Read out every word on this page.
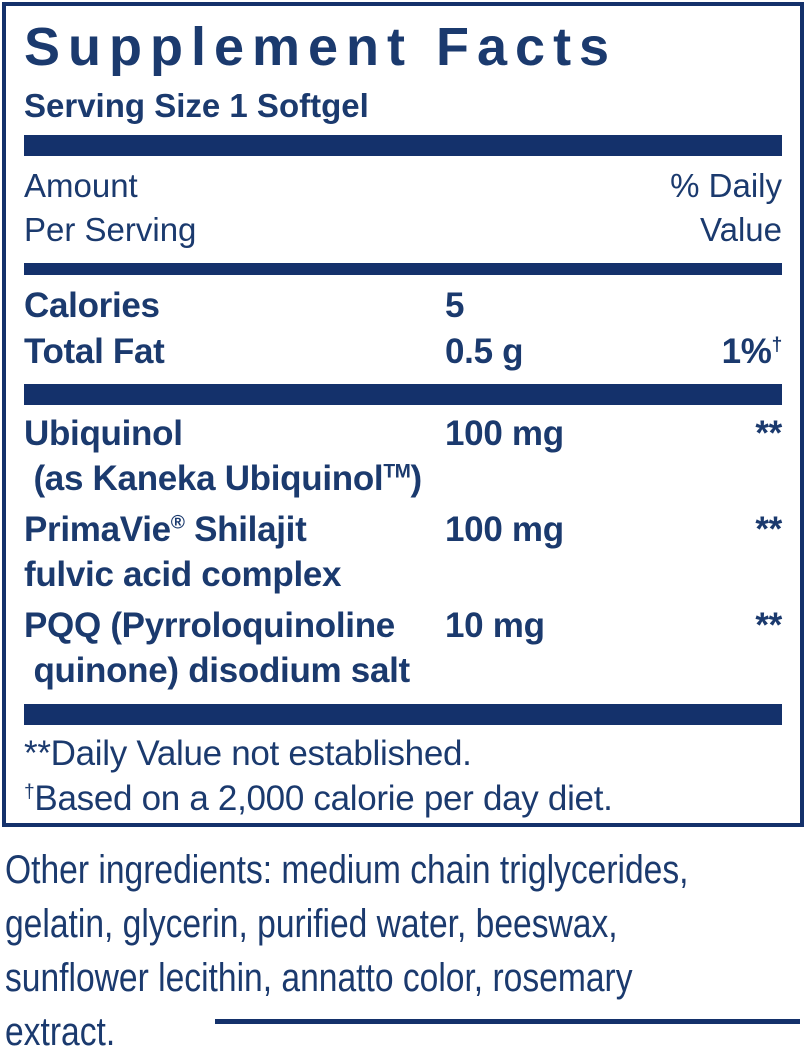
Supplement Facts
Serving Size 1 Softgel
Amount
Per Serving
% Daily
Value
Calories	5
Total Fat	0.5 g	1%†
Ubiquinol	100 mg	**
(as Kaneka Ubiquinol™)
PrimaVie® Shilajit	100 mg	**
fulvic acid complex
PQQ (Pyrroloquinoline	10 mg	**
quinone) disodium salt
**Daily Value not established.
†Based on a 2,000 calorie per day diet.
Other ingredients: medium chain triglycerides,
gelatin, glycerin, purified water, beeswax,
sunflower lecithin, annatto color, rosemary
extract.
